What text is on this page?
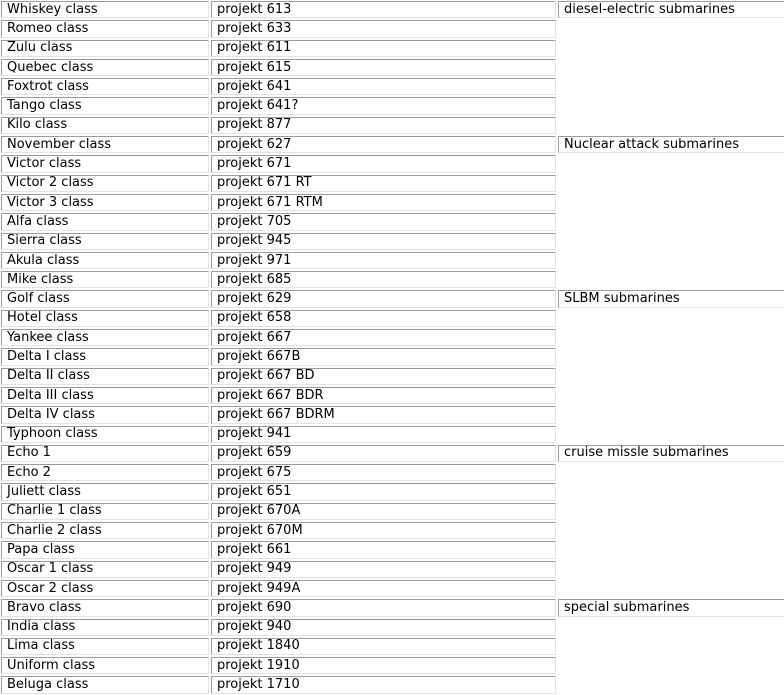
Whiskey class	projekt 613	diesel-electric submarines
Romeo class	projekt 633
Zulu class	projekt 611
Quebec class	projekt 615
Foxtrot class	projekt 641
Tango class	projekt 641?
Kilo class	projekt 877
November class	projekt 627	Nuclear attack submarines
Victor class	projekt 671
Victor 2 class	projekt 671 RT
Victor 3 class	projekt 671 RTM
Alfa class	projekt 705
Sierra class	projekt 945
Akula class	projekt 971
Mike class	projekt 685
Golf class	projekt 629	SLBM submarines
Hotel class	projekt 658
Yankee class	projekt 667
Delta I class	projekt 667B
Delta II class	projekt 667 BD
Delta III class	projekt 667 BDR
Delta IV class	projekt 667 BDRM
Typhoon class	projekt 941
Echo 1	projekt 659	cruise missle submarines
Echo 2	projekt 675
Juliett class	projekt 651
Charlie 1 class	projekt 670A
Charlie 2 class	projekt 670M
Papa class	projekt 661
Oscar 1 class	projekt 949
Oscar 2 class	projekt 949A
Bravo class	projekt 690	special submarines
India class	projekt 940
Lima class	projekt 1840
Uniform class	projekt 1910
Beluga class	projekt 1710
